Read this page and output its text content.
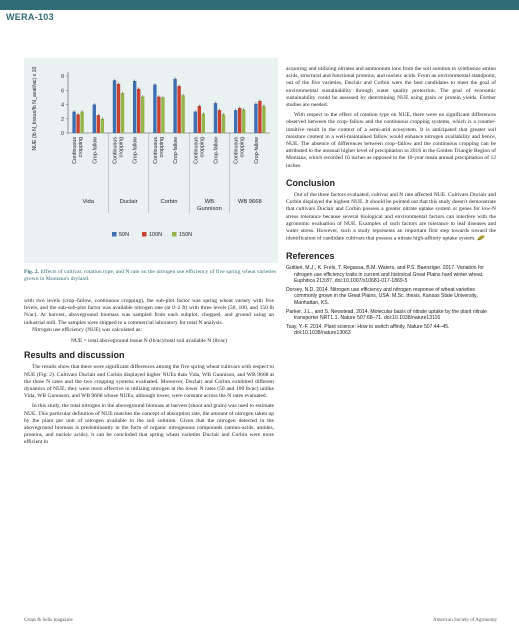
WERA-103
0
2
4
6
8
NUE (lb N_tissue/lb N_avail/ac) x 10	Continuous cropping Crop-fallow	Continuous cropping Crop-fallow	Continuous cropping Crop-fallow	Continuous cropping Crop-fallow	Continuous cropping Crop-fallow
Vida	Duclair	Corbin	WB
Gunnison
WB 9668
50N	100N	150N
Fig. 2. Effects of cultivar, rotation type, and N rate on the nitrogen use efficiency of five spring wheat varieties grown in Montana's dryland.

with two levels (crop–fallow, continuous cropping), the sub-plot factor was spring wheat variety with five levels, and the sub-sub-plot factor was available nitrogen rate (at 0–2 ft) with three levels (50, 100, and 150 lb N/ac). At harvest, aboveground biomass was sampled from each subplot, chopped, and ground using an industrial mill. The samples were shipped to a commercial laboratory for total N analysis.

Nitrogen use efficiency (NUE) was calculated as:

NUE = total aboveground tissue N (lb/ac)/total soil available N (lb/ac)

Results and discussion

The results show that there were significant differences among the five spring wheat cultivars with respect to NUE (Fig. 2). Cultivars Duclair and Corbin displayed higher NUEs than Vida, WB Gunnison, and WB 9668 at the three N rates and the two cropping systems evaluated. Moreover, Duclair and Corbin exhibited different dynamics of NUE; they were more effective in utilizing nitrogen at the lower N rates (50 and 100 lb/ac) unlike Vida, WB Gunnison, and WB 9668 whose NUEs, although lower, were constant across the N rates evaluated.

In this study, the total nitrogen in the aboveground biomass at harvest (shoot and grain) was used to estimate NUE. This particular definition of NUE matches the concept of absorption rate, the amount of nitrogen taken up by the plant per unit of nitrogen available in the soil solution. Given that the nitrogen detected in the aboveground biomass is predominantly in the form of organic nitrogenous compounds (amino-acids, amides, proteins, and nucleic acids), it can be concluded that spring wheat varieties Duclair and Corbin were more efficient in

acquiring and utilizing nitrates and ammonium ions from the soil solution to synthesize amino acids, structural and functional proteins, and nucleic acids. From an environmental standpoint, out of the five varieties, Duclair and Corbin were the best candidates to meet the goal of environmental sustainability through water quality protection. The goal of economic sustainability could be assessed by determining NUE using grain or protein yields. Further studies are needed.

With respect to the effect of rotation type on NUE, there were no significant differences observed between the crop–fallow and the continuous cropping systems, which is a counter-intuitive result in the context of a semi-arid ecosystem. It is anticipated that greater soil moisture content in a well-maintained fallow would enhance nitrogen availability and hence, NUE. The absence of differences between crop–fallow and the continuous cropping can be attributed to the unusual higher level of precipitation in 2016 in the Golden Triangle Region of Montana, which recorded 16 inches as opposed to the 10-year mean annual precipitation of 12 inches.

Conclusion

Out of the three factors evaluated, cultivar and N rate affected NUE. Cultivars Duclair and Corbin displayed the highest NUE. It should be pointed out that this study doesn't demonstrate that cultivars Duclair and Corbin possess a greater nitrate uptake system or genes for low-N stress tolerance because several biological and environmental factors can interfere with the agronomic evaluation of NUE. Examples of such factors are tolerance to leaf diseases and water stress. However, such a study represents an important first step towards toward the identification of candidate cultivars that possess a nitrate high-affinity uptake system.

References

Guttieri, M.J., K. Frels, T. Regassa, B.M. Waters, and P.S. Baenziger. 2017. Variation for nitrogen use efficiency traits in current and historical Great Plains hard winter wheat. Euphitica 213:87. doi:10.1007/s10681-017-1869-5

Dorsey, N.D. 2014. Nitrogen use efficiency and nitrogen response of wheat varieties commonly grown in the Great Plains, USA. M.Sc. thesis, Kansas State University, Manhattan, KS.

Parker, J.L., and S. Newstead. 2014. Molecular basis of nitrate uptake by the plant nitrate transporter NRT1.1. Nature 507:68–71. doi:10.1038/nature13116

Tsay, Y.-F. 2014. Plant science: How to switch affinity. Nature 507:44–45. doi:10.1038/nature13063

Crops & Soils magazine	American Society of Agronomy
